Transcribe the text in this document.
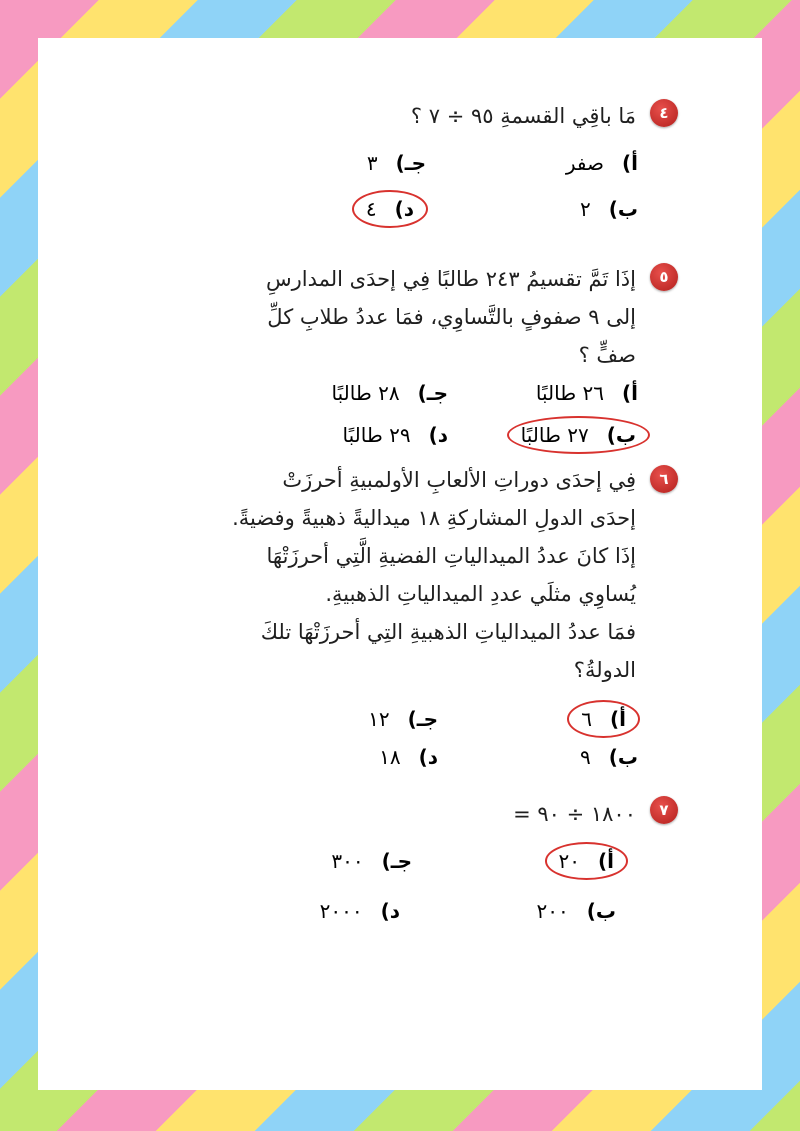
٤
مَا باقِي القسمةِ ٩٥ ÷ ٧ ؟
أ)صفر
جـ)٣
ب)٢
د)٤
٥
إذَا تَمَّ تقسيمُ ٢٤٣ طالبًا فِي إحدَى المدارسِ
إلى ٩ صفوفٍ بالتَّساوِي، فمَا عددُ طلابِ كلِّ
صفٍّ ؟
أ)٢٦ طالبًا
جـ)٢٨ طالبًا
ب)٢٧ طالبًا
د)٢٩ طالبًا
٦
فِي إحدَى دوراتِ الألعابِ الأولمبيةِ أحرزَتْ
إحدَى الدولِ المشاركةِ ١٨ ميداليةً ذهبيةً وفضيةً.
إذَا كانَ عددُ الميدالياتِ الفضيةِ الَّتِي أحرزَتْهَا
يُساوِي مثلَي عددِ الميدالياتِ الذهبيةِ.
فمَا عددُ الميدالياتِ الذهبيةِ التِي أحرزَتْهَا تلكَ
الدولةُ؟
أ)٦
جـ)١٢
ب)٩
د)١٨
٧
١٨٠٠ ÷ ٩٠ =
أ)٢٠
جـ)٣٠٠
ب)٢٠٠
د)٢٠٠٠
